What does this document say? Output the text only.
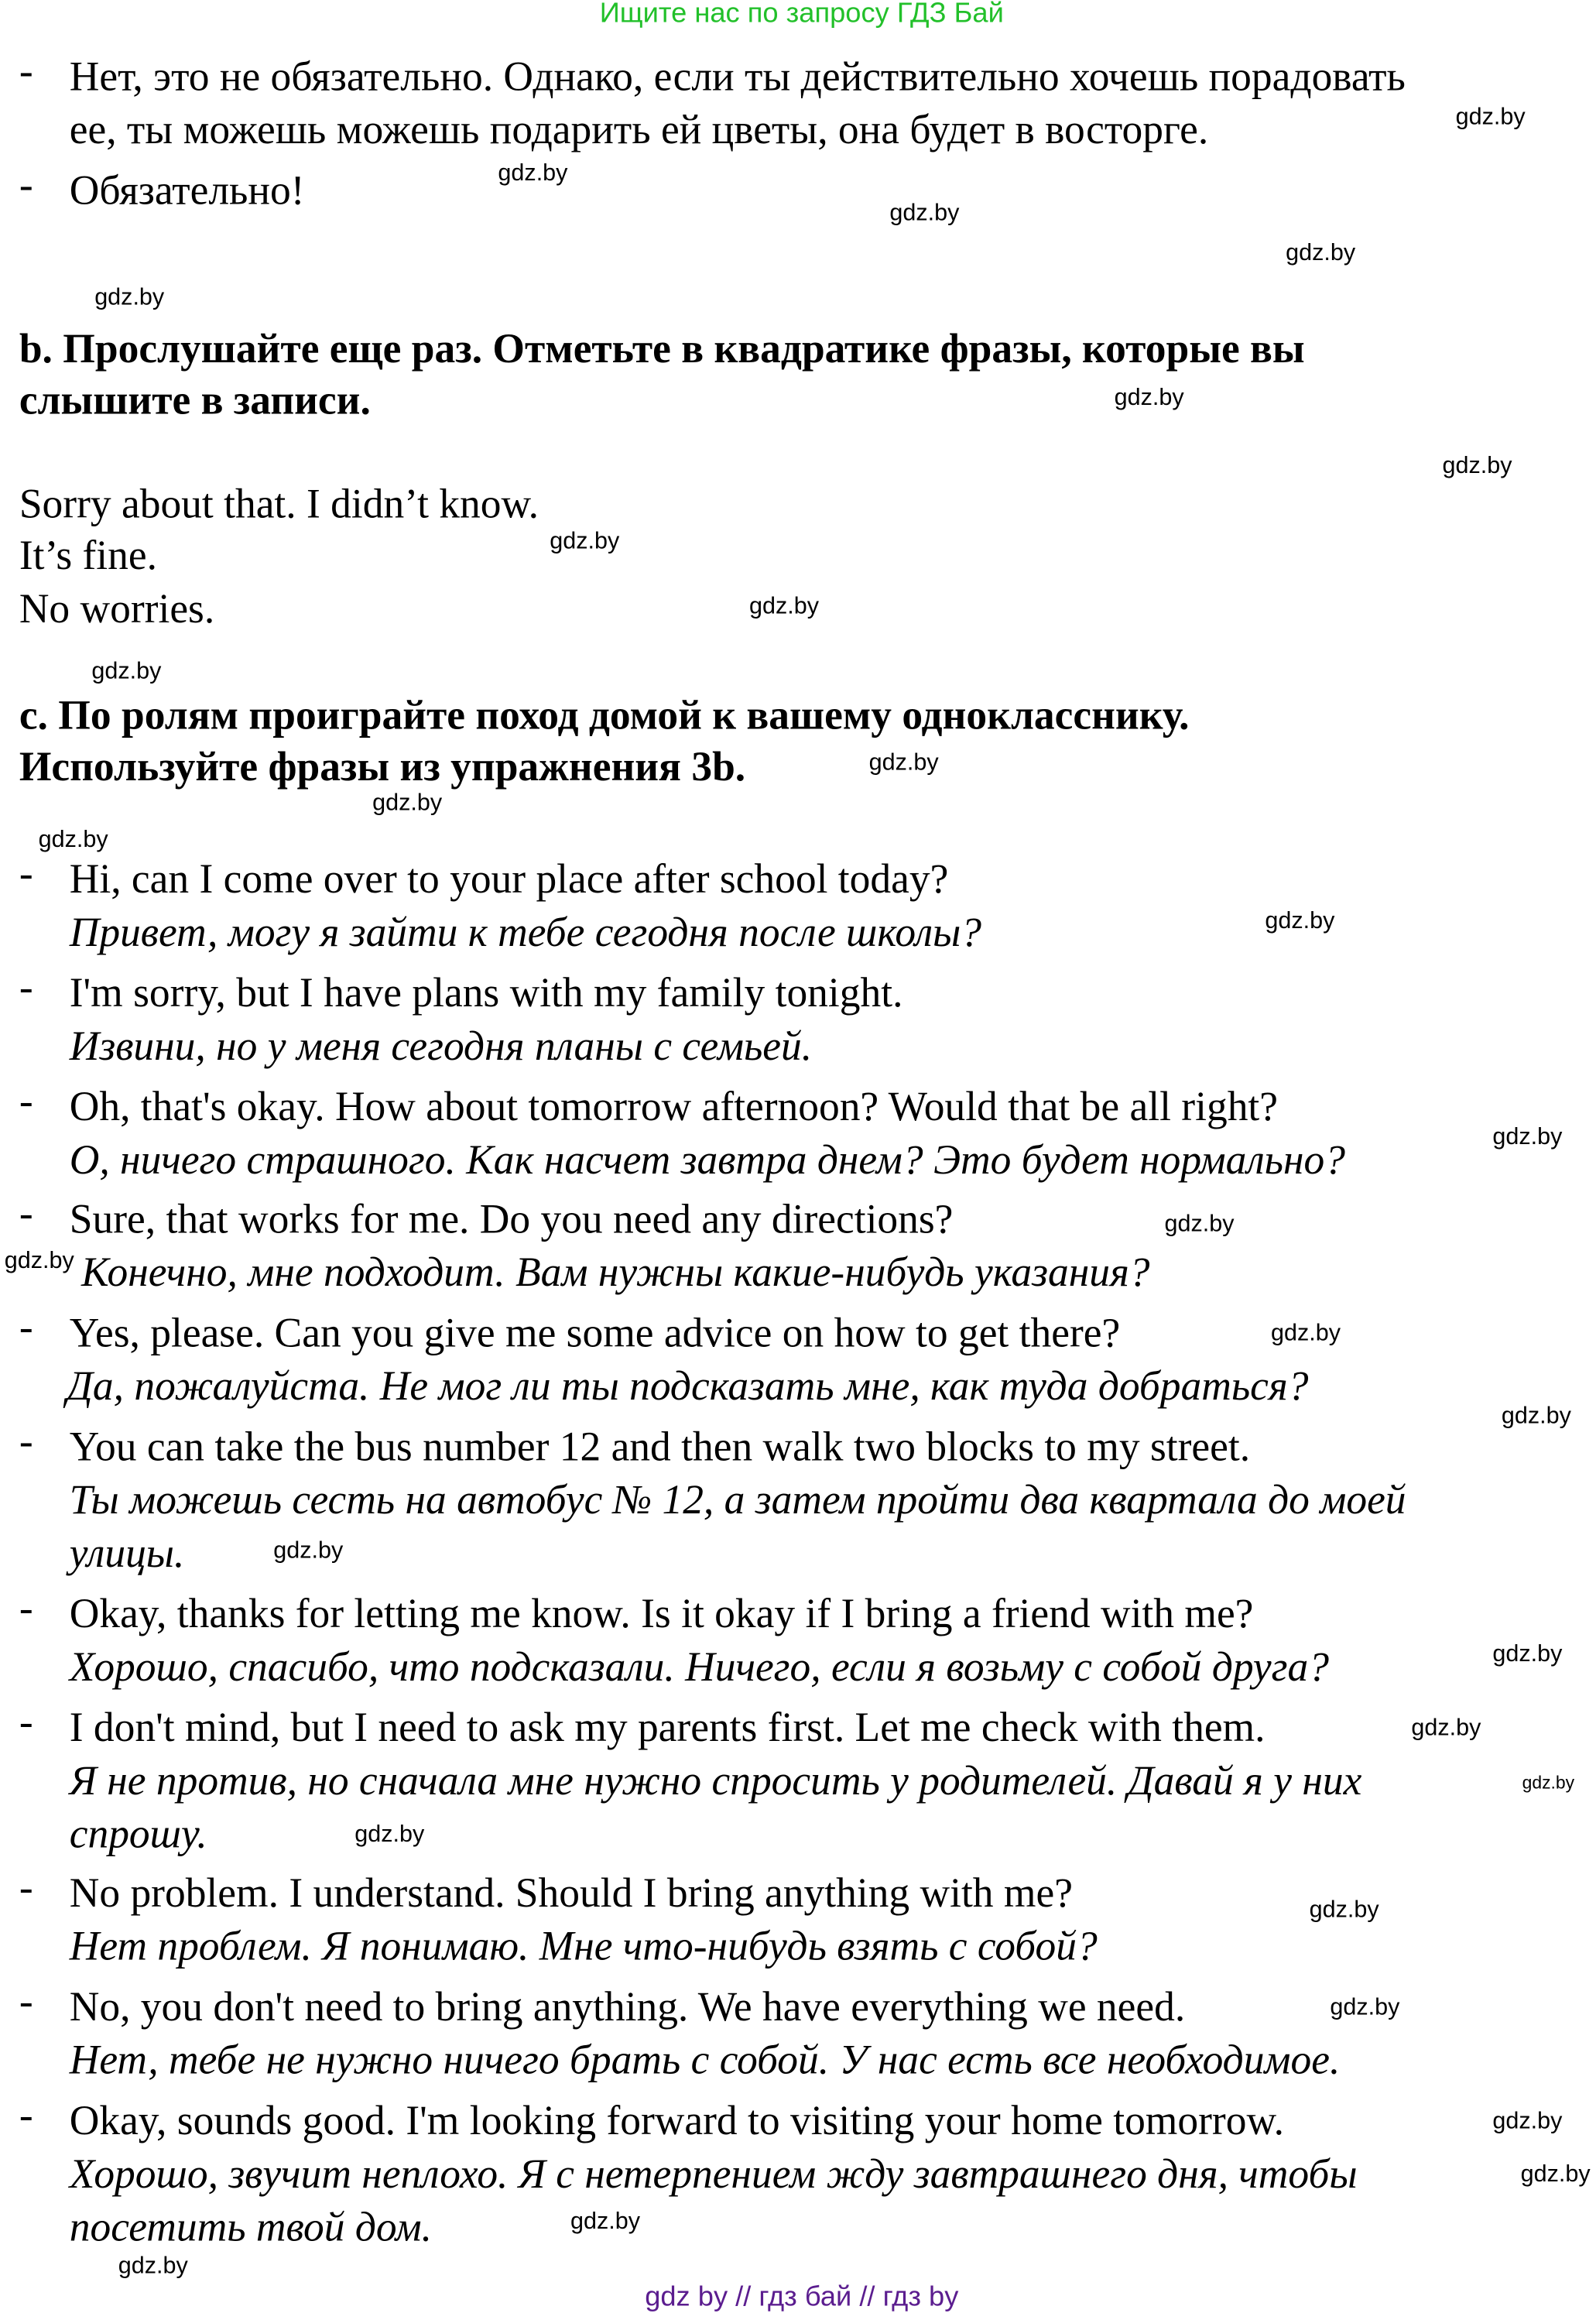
Ищите нас по запросу ГДЗ Бай
gdz by // гдз бай // гдз by
- Нет, это не обязательно. Однако, если ты действительно хочешь порадовать
ее, ты можешь можешь подарить ей цветы, она будет в восторге.
- Обязательно!
b. Прослушайте еще раз. Отметьте в квадратике фразы, которые вы
слышите в записи.
Sorry about that. I didn’t know.
It’s fine.
No worries.
c. По ролям проиграйте поход домой к вашему однокласснику.
Используйте фразы из упражнения 3b.
- Hi, can I come over to your place after school today?
Привет, могу я зайти к тебе сегодня после школы?
- I'm sorry, but I have plans with my family tonight.
Извини, но у меня сегодня планы с семьей.
- Oh, that's okay. How about tomorrow afternoon? Would that be all right?
О, ничего страшного. Как насчет завтра днем? Это будет нормально?
- Sure, that works for me. Do you need any directions?
Конечно, мне подходит. Вам нужны какие-нибудь указания?
- Yes, please. Can you give me some advice on how to get there?
Да, пожалуйста. Не мог ли ты подсказать мне, как туда добраться?
- You can take the bus number 12 and then walk two blocks to my street.
Ты можешь сесть на автобус № 12, а затем пройти два квартала до моей
улицы.
- Okay, thanks for letting me know. Is it okay if I bring a friend with me?
Хорошо, спасибо, что подсказали. Ничего, если я возьму с собой друга?
- I don't mind, but I need to ask my parents first. Let me check with them.
Я не против, но сначала мне нужно спросить у родителей. Давай я у них
спрошу.
- No problem. I understand. Should I bring anything with me?
Нет проблем. Я понимаю. Мне что-нибудь взять с собой?
- No, you don't need to bring anything. We have everything we need.
Нет, тебе не нужно ничего брать с собой. У нас есть все необходимое.
- Okay, sounds good. I'm looking forward to visiting your home tomorrow.
Хорошо, звучит неплохо. Я с нетерпением жду завтрашнего дня, чтобы
посетить твой дом.
gdz.by
gdz.by
gdz.by
gdz.by
gdz.by
gdz.by
gdz.by
gdz.by
gdz.by
gdz.by
gdz.by
gdz.by
gdz.by
gdz.by
gdz.by
gdz.by
gdz.by
gdz.by
gdz.by
gdz.by
gdz.by
gdz.by
gdz.by
gdz.by
gdz.by
gdz.by
gdz.by
gdz.by
gdz.by
gdz.by
